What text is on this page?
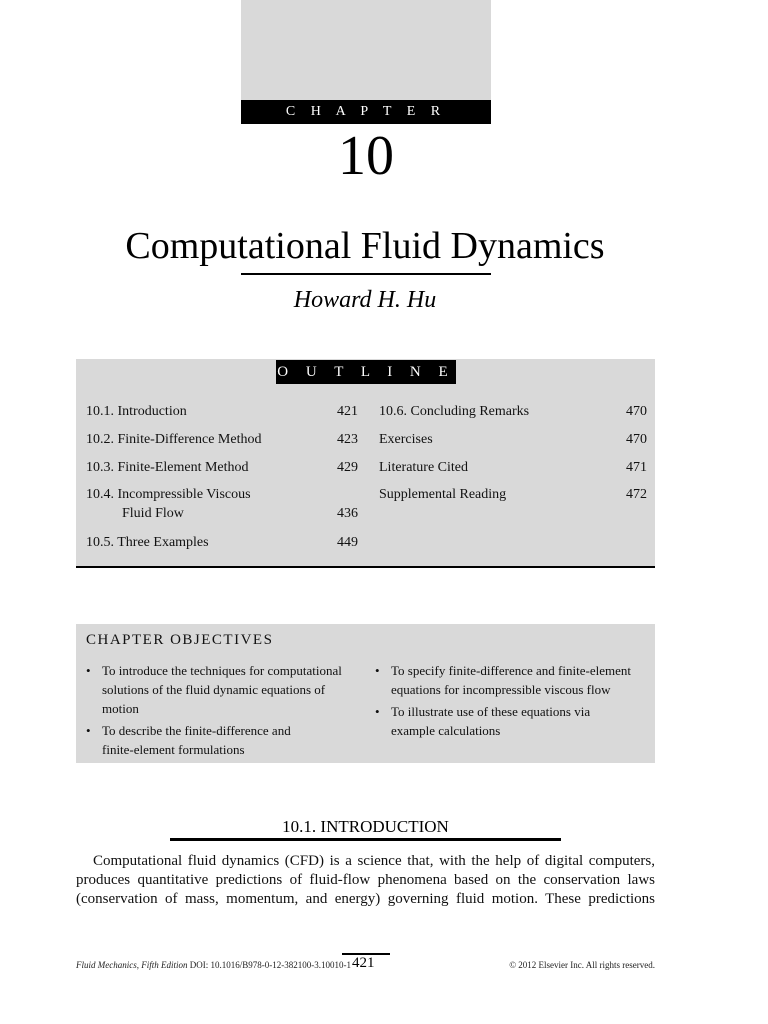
C H A P T E R
10
Computational Fluid Dynamics
Howard H. Hu
O U T L I N E
10.1. Introduction	421
10.2. Finite-Difference Method	423
10.3. Finite-Element Method	429
10.4. Incompressible Viscous
Fluid Flow	436
10.5. Three Examples	449
10.6. Concluding Remarks	470
Exercises	470
Literature Cited	471
Supplemental Reading	472
CHAPTER OBJECTIVES
• To introduce the techniques for computational
solutions of the fluid dynamic equations of
motion
• To describe the finite-difference and
finite-element formulations
• To specify finite-difference and finite-element
equations for incompressible viscous flow
• To illustrate use of these equations via
example calculations
10.1. INTRODUCTION
Computational fluid dynamics (CFD) is a science that, with the help of digital computers,
produces quantitative predictions of fluid-flow phenomena based on the conservation laws
(conservation of mass, momentum, and energy) governing fluid motion. These predictions
Fluid Mechanics, Fifth Edition DOI: 10.1016/B978-0-12-382100-3.10010-1 421	© 2012 Elsevier Inc. All rights reserved.
